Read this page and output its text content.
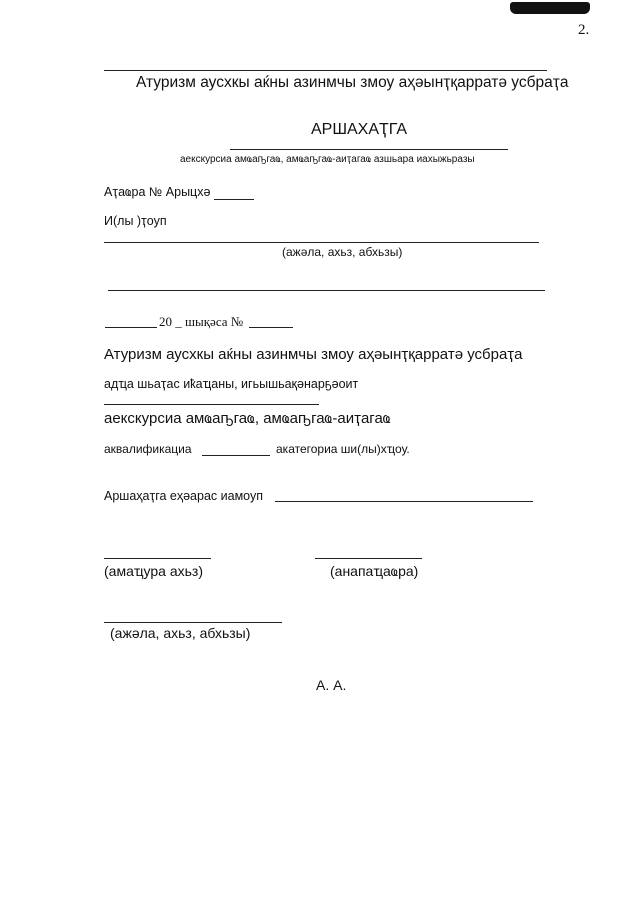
2.
Атуризм аусхкы аќны азинмчы змоу аҳәынҭқарратә усбраҭа
АРШАХАҬГА
аекскурсиа амҩаҧгаҩ, амҩаҧгаҩ-аиҭагаҩ азшьара иахыжьразы
Аҭаҩра № Арыцхә
И(лы )ҭоуп
(ажәла, ахьз, абхьзы)
20 _ шықәса №
Атуризм аусхкы аќны азинмчы змоу аҳәынҭқарратә усбраҭа
адҵа шьаҭас иҟаҵаны, игьышьақәнарҕәоит
аекскурсиа амҩаҧгаҩ, амҩаҧгаҩ-аиҭагаҩ
аквалификациа	акатегориа ши(лы)хҵоу.
Аршаҳаҭга еҳәарас иамоуп
(амаҵура ахьз)	(анапаҵаҩра)
(ажәла, ахьз, абхьзы)
А. А.
